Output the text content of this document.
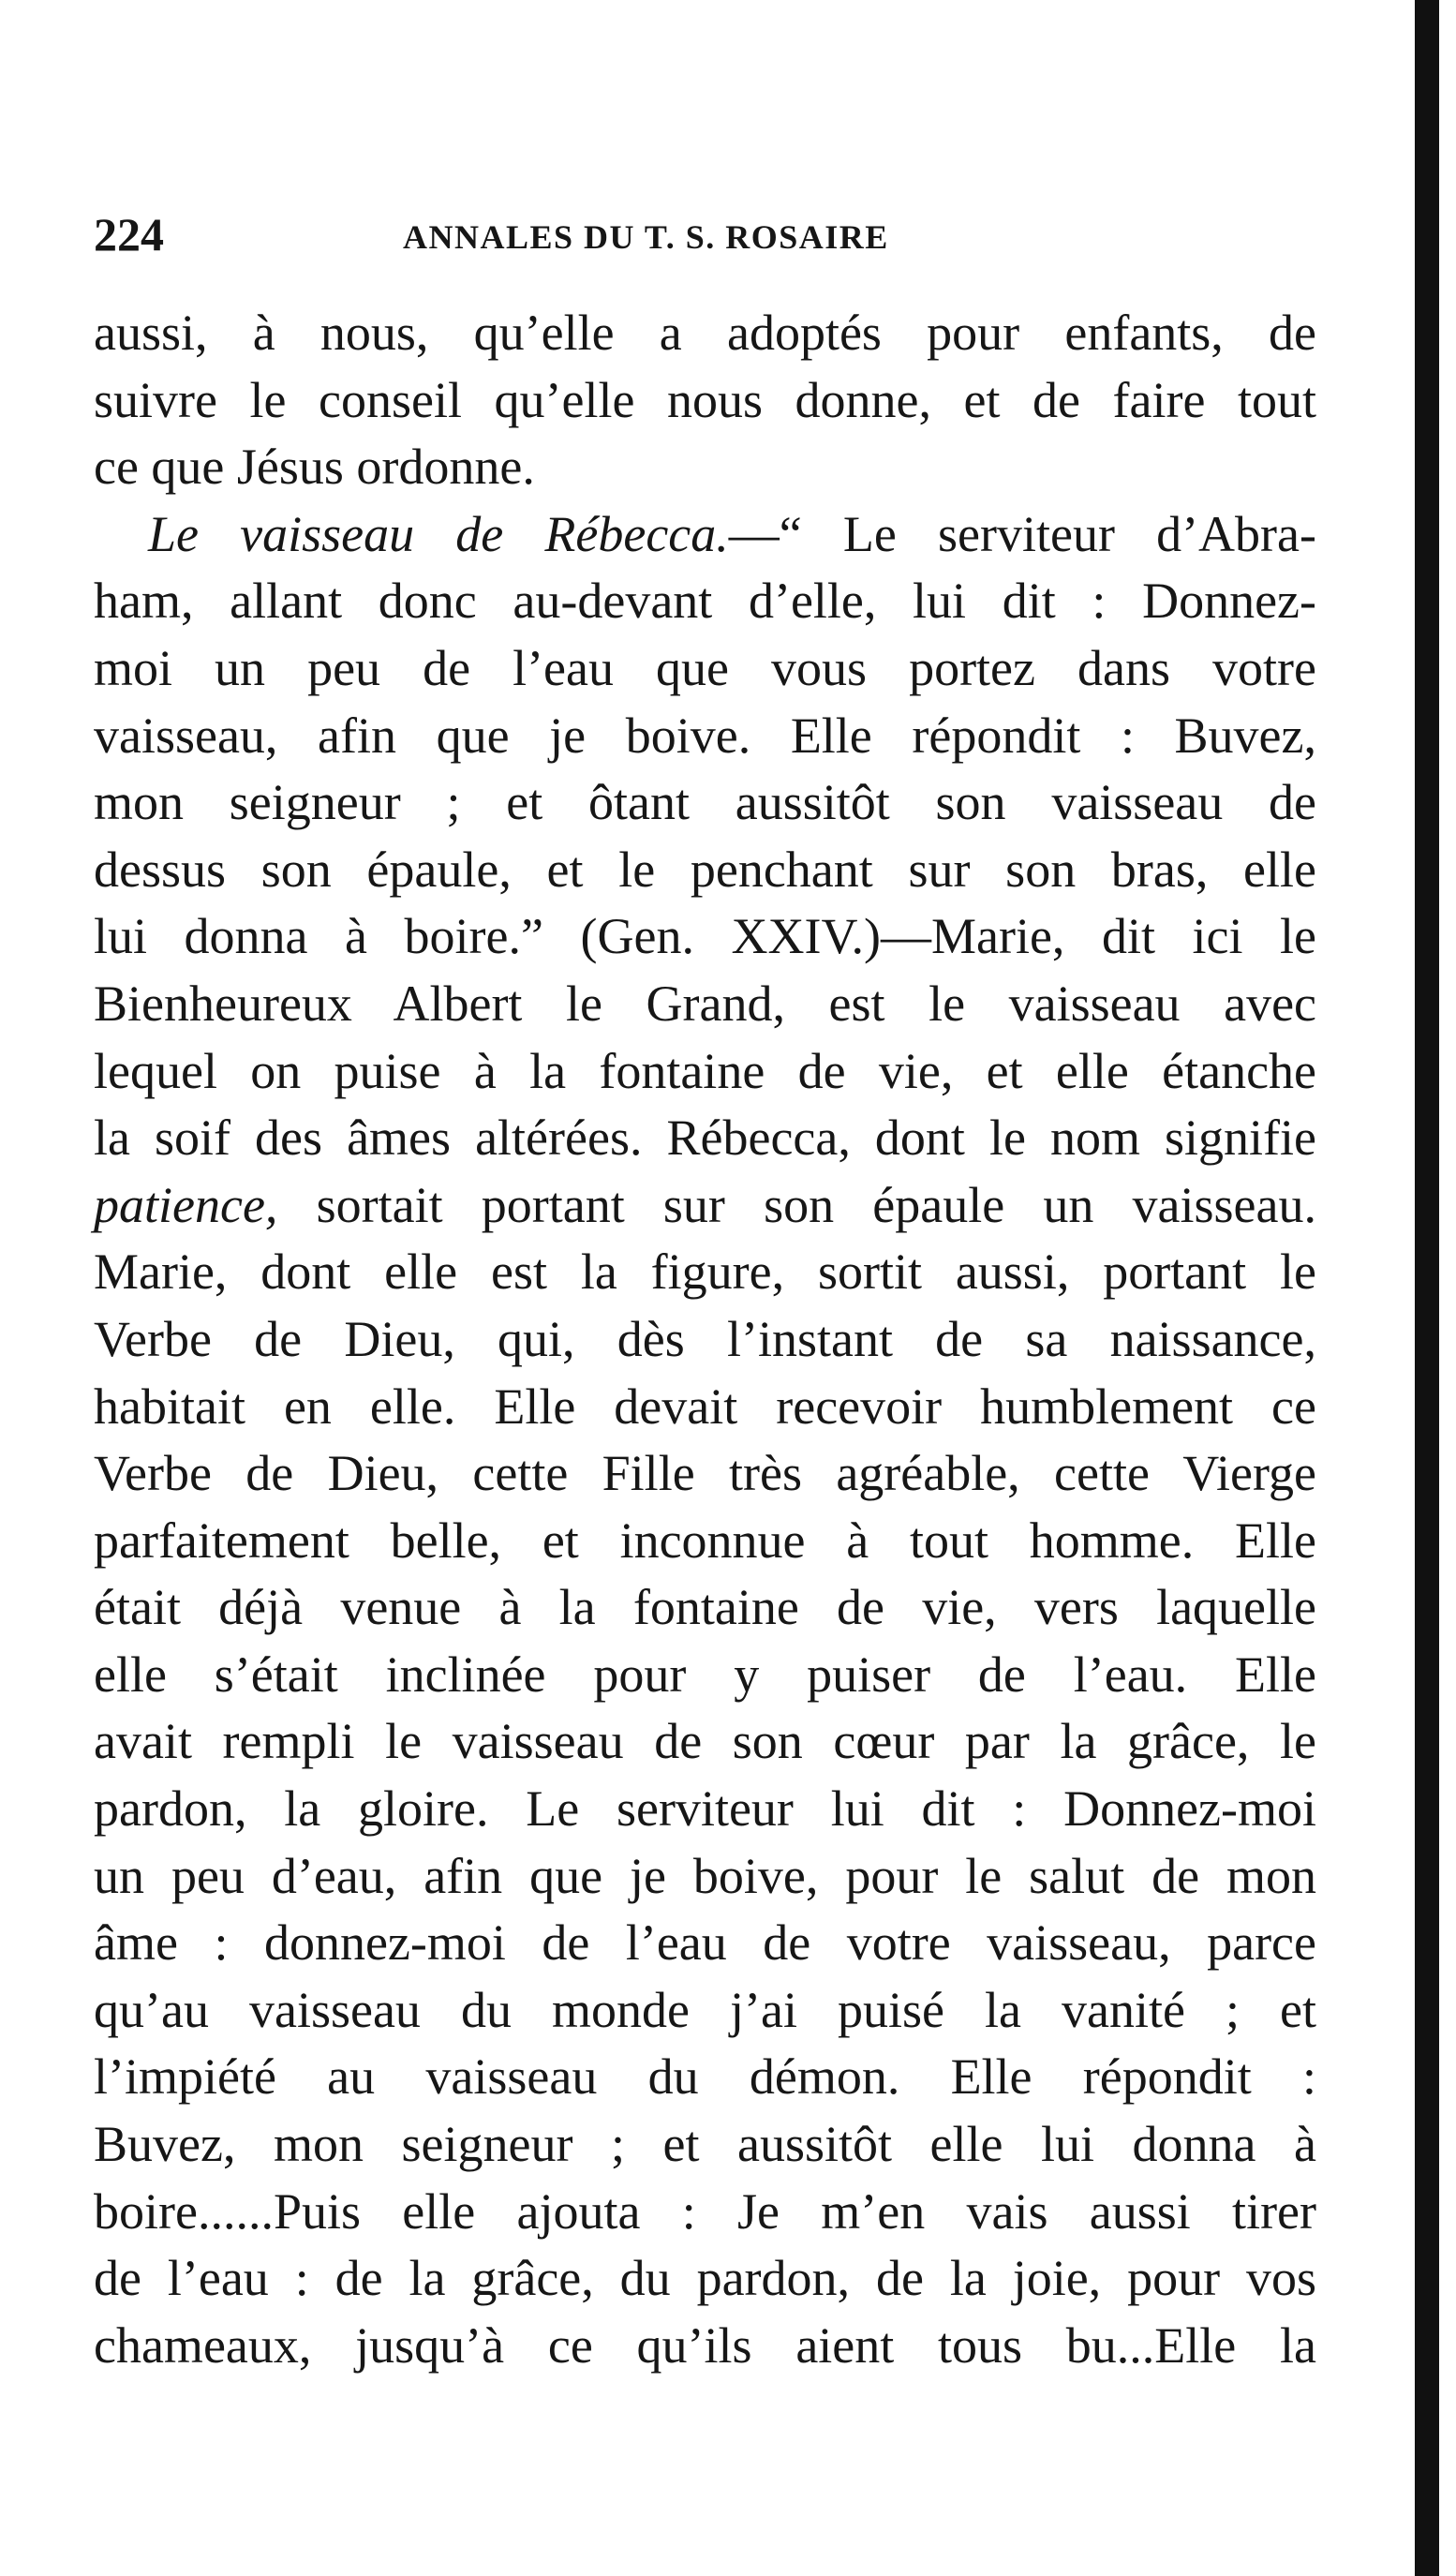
224	ANNALES DU T. S. ROSAIRE
aussi, à nous, qu’elle a adoptés pour enfants, de
suivre le conseil qu’elle nous donne, et de faire tout
ce que Jésus ordonne.
Le vaisseau de Rébecca.—“ Le serviteur d’Abra-
ham, allant donc au-devant d’elle, lui dit : Donnez-
moi un peu de l’eau que vous portez dans votre
vaisseau, afin que je boive. Elle répondit : Buvez,
mon seigneur ; et ôtant aussitôt son vaisseau de
dessus son épaule, et le penchant sur son bras, elle
lui donna à boire.” (Gen. XXIV.)—Marie, dit ici le
Bienheureux Albert le Grand, est le vaisseau avec
lequel on puise à la fontaine de vie, et elle étanche
la soif des âmes altérées. Rébecca, dont le nom signifie
patience, sortait portant sur son épaule un vaisseau.
Marie, dont elle est la figure, sortit aussi, portant le
Verbe de Dieu, qui, dès l’instant de sa naissance,
habitait en elle. Elle devait recevoir humblement ce
Verbe de Dieu, cette Fille très agréable, cette Vierge
parfaitement belle, et inconnue à tout homme. Elle
était déjà venue à la fontaine de vie, vers laquelle
elle s’était inclinée pour y puiser de l’eau. Elle
avait rempli le vaisseau de son cœur par la grâce, le
pardon, la gloire. Le serviteur lui dit : Donnez-moi
un peu d’eau, afin que je boive, pour le salut de mon
âme : donnez-moi de l’eau de votre vaisseau, parce
qu’au vaisseau du monde j’ai puisé la vanité ; et
l’impiété au vaisseau du démon. Elle répondit :
Buvez, mon seigneur ; et aussitôt elle lui donna à
boire......Puis elle ajouta : Je m’en vais aussi tirer
de l’eau : de la grâce, du pardon, de la joie, pour vos
chameaux, jusqu’à ce qu’ils aient tous bu...Elle la
